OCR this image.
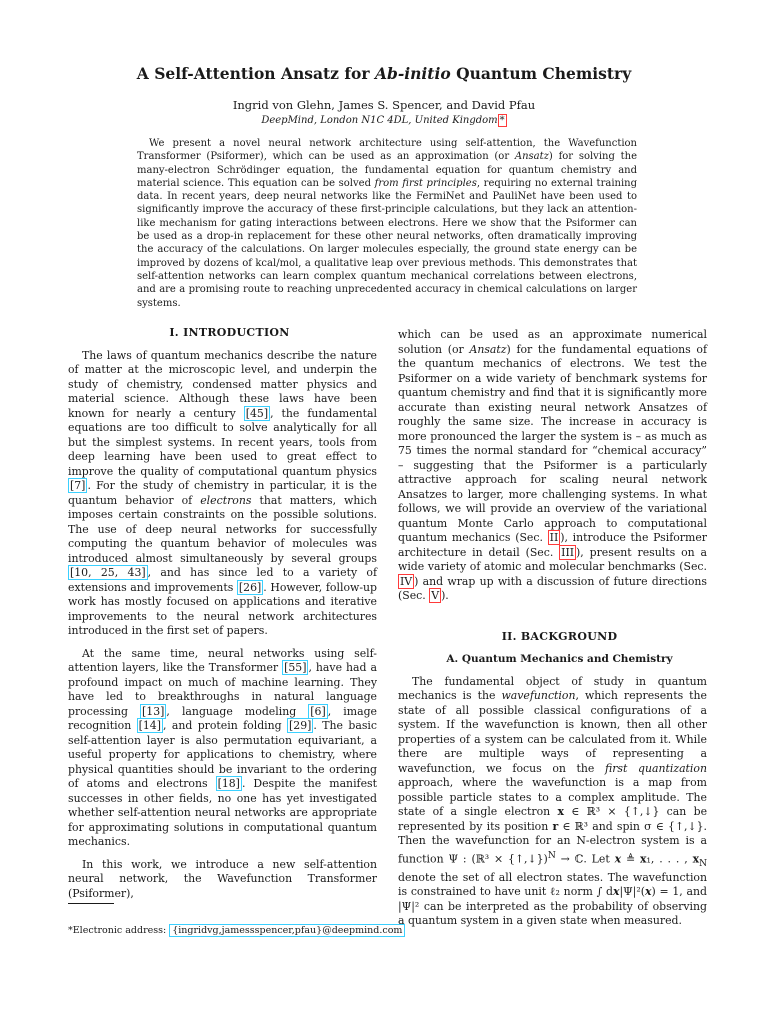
A Self-Attention Ansatz for Ab-initio Quantum Chemistry
Ingrid von Glehn, James S. Spencer, and David Pfau
DeepMind, London N1C 4DL, United Kingdom *
We present a novel neural network architecture using self-attention, the Wavefunction Transformer (Psiformer), which can be used as an approximation (or Ansatz) for solving the many-electron Schrödinger equation, the fundamental equation for quantum chemistry and material science. This equation can be solved from first principles, requiring no external training data. In recent years, deep neural networks like the FermiNet and PauliNet have been used to significantly improve the accuracy of these first-principle calculations, but they lack an attention-like mechanism for gating interactions between electrons. Here we show that the Psiformer can be used as a drop-in replacement for these other neural networks, often dramatically improving the accuracy of the calculations. On larger molecules especially, the ground state energy can be improved by dozens of kcal/mol, a qualitative leap over previous methods. This demonstrates that self-attention networks can learn complex quantum mechanical correlations between electrons, and are a promising route to reaching unprecedented accuracy in chemical calculations on larger systems.

I. INTRODUCTION

The laws of quantum mechanics describe the nature of matter at the microscopic level, and underpin the study of chemistry, condensed matter physics and material science. Although these laws have been known for nearly a century [45] , the fundamental equations are too difficult to solve analytically for all but the simplest systems. In recent years, tools from deep learning have been used to great effect to improve the quality of computational quantum physics [7] . For the study of chemistry in particular, it is the quantum behavior of electrons that matters, which imposes certain constraints on the possible solutions. The use of deep neural networks for successfully computing the quantum behavior of molecules was introduced almost simultaneously by several groups [10, 25, 43] , and has since led to a variety of extensions and improvements [26] . However, follow-up work has mostly focused on applications and iterative improvements to the neural network architectures introduced in the first set of papers.

At the same time, neural networks using self-attention layers, like the Transformer [55] , have had a profound impact on much of machine learning. They have led to breakthroughs in natural language processing [13] , language modeling [6] , image recognition [14] , and protein folding [29] . The basic self-attention layer is also permutation equivariant, a useful property for applications to chemistry, where physical quantities should be invariant to the ordering of atoms and electrons [18] . Despite the manifest successes in other fields, no one has yet investigated whether self-attention neural networks are appropriate for approximating solutions in computational quantum mechanics.

In this work, we introduce a new self-attention neural network, the Wavefunction Transformer (Psiformer),

which can be used as an approximate numerical solution (or Ansatz) for the fundamental equations of the quantum mechanics of electrons. We test the Psiformer on a wide variety of benchmark systems for quantum chemistry and find that it is significantly more accurate than existing neural network Ansatzes of roughly the same size. The increase in accuracy is more pronounced the larger the system is – as much as 75 times the normal standard for “chemical accuracy” – suggesting that the Psiformer is a particularly attractive approach for scaling neural network Ansatzes to larger, more challenging systems. In what follows, we will provide an overview of the variational quantum Monte Carlo approach to computational quantum mechanics (Sec. II ), introduce the Psiformer architecture in detail (Sec. III ), present results on a wide variety of atomic and molecular benchmarks (Sec. IV ) and wrap up with a discussion of future directions (Sec. V ).

II. BACKGROUND

A. Quantum Mechanics and Chemistry

The fundamental object of study in quantum mechanics is the wavefunction, which represents the state of all possible classical configurations of a system. If the wavefunction is known, then all other properties of a system can be calculated from it. While there are multiple ways of representing a wavefunction, we focus on the first quantization approach, where the wavefunction is a map from possible particle states to a complex amplitude. The state of a single electron x ∈ ℝ³ × {↑,↓} can be represented by its position r ∈ ℝ³ and spin σ ∈ {↑,↓}. Then the wavefunction for an N-electron system is a function Ψ : (ℝ³ × {↑,↓})$^N$ → ℂ. Let x ≜ x₁, . . . , $x_N$ denote the set of all electron states. The wavefunction is constrained to have unit ℓ₂ norm ∫ dx|Ψ|²(x) = 1, and |Ψ|² can be interpreted as the probability of observing a quantum system in a given state when measured.

*Electronic address: {ingridvg,jamessspencer,pfau}@deepmind.com
